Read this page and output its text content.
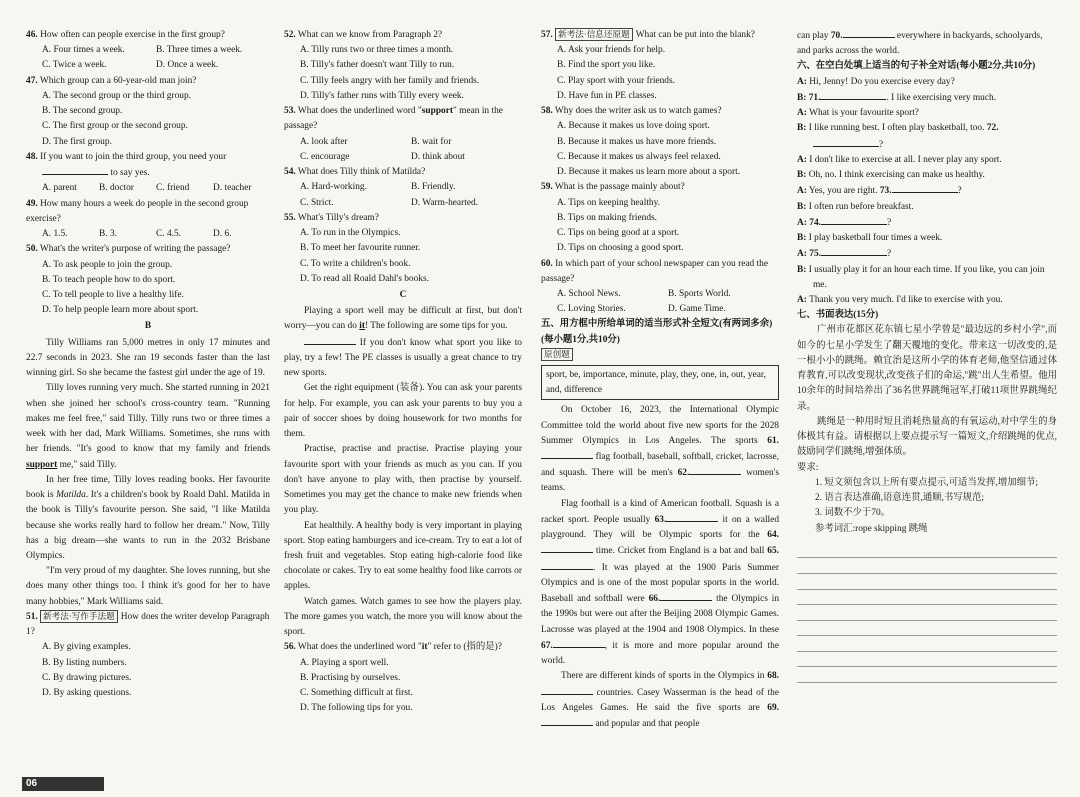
46. How often can people exercise in the first group?

A. Four times a week.	B. Three times a week.
C. Twice a week.	D. Once a week.

47. Which group can a 60-year-old man join?

A. The second group or the third group.

B. The second group.

C. The first group or the second group.

D. The first group.

48. If you want to join the third group, you need your

to say yes.

A. parent	B. doctor	C. friend	D. teacher

49. How many hours a week do people in the second group exercise?

A. 1.5.	B. 3.	C. 4.5.	D. 6.

50. What's the writer's purpose of writing the passage?

A. To ask people to join the group.

B. To teach people how to do sport.

C. To tell people to live a healthy life.

D. To help people learn more about sport.

B

Tilly Williams ran 5,000 metres in only 17 minutes and 22.7 seconds in 2023. She ran 19 seconds faster than the last winning girl. So she became the fastest girl under the age of 19.

Tilly loves running very much. She started running in 2021 when she joined her school's cross-country team. "Running makes me feel free," said Tilly. Tilly runs two or three times a week with her dad, Mark Williams. Sometimes, she runs with her friends. "It's good to know that my family and friends support me," said Tilly.

In her free time, Tilly loves reading books. Her favourite book is Matilda. It's a children's book by Roald Dahl. Matilda in the book is Tilly's favourite person. She said, "I like Matilda because she works really hard to follow her dream." Now, Tilly has a big dream—she wants to run in the 2032 Brisbane Olympics.

"I'm very proud of my daughter. She loves running, but she does many other things too. I think it's good for her to have many hobbies," Mark Williams said.

51. 新考法·写作手法题 How does the writer develop Paragraph 1?

A. By giving examples.

B. By listing numbers.

C. By drawing pictures.

D. By asking questions.

52. What can we know from Paragraph 2?

A. Tilly runs two or three times a month.

B. Tilly's father doesn't want Tilly to run.

C. Tilly feels angry with her family and friends.

D. Tilly's father runs with Tilly every week.

53. What does the underlined word "support" mean in the passage?

A. look after	B. wait for
C. encourage	D. think about

54. What does Tilly think of Matilda?

A. Hard-working.	B. Friendly.
C. Strict.	D. Warm-hearted.

55. What's Tilly's dream?

A. To run in the Olympics.

B. To meet her favourite runner.

C. To write a children's book.

D. To read all Roald Dahl's books.

C

Playing a sport well may be difficult at first, but don't worry—you can do it! The following are some tips for you.

If you don't know what sport you like to play, try a few! The PE classes is usually a great chance to try new sports.

Get the right equipment (装备). You can ask your parents for help. For example, you can ask your parents to buy you a pair of soccer shoes by doing housework for two months for them.

Practise, practise and practise. Practise playing your favourite sport with your friends as much as you can. If you don't have anyone to play with, then practise by yourself. Sometimes you may get the chance to make new friends when you play.

Eat healthily. A healthy body is very important in playing sport. Stop eating hamburgers and ice-cream. Try to eat a lot of fresh fruit and vegetables. Stop eating high-calorie food like chocolate or cakes. Try to eat some healthy food like carrots or apples.

Watch games. Watch games to see how the players play. The more games you watch, the more you will know about the sport.

56. What does the underlined word "it" refer to (指的是)?

A. Playing a sport well.

B. Practising by ourselves.

C. Something difficult at first.

D. The following tips for you.

57. 新考法·信息还原题 What can be put into the blank?

A. Ask your friends for help.

B. Find the sport you like.

C. Play sport with your friends.

D. Have fun in PE classes.

58. Why does the writer ask us to watch games?

A. Because it makes us love doing sport.

B. Because it makes us have more friends.

C. Because it makes us always feel relaxed.

D. Because it makes us learn more about a sport.

59. What is the passage mainly about?

A. Tips on keeping healthy.

B. Tips on making friends.

C. Tips on being good at a sport.

D. Tips on choosing a good sport.

60. In which part of your school newspaper can you read the passage?

A. School News.	B. Sports World.
C. Loving Stories.	D. Game Time.

五、用方框中所给单词的适当形式补全短文(有两词多余)(每小题1分,共10分)

原创题
sport, be, importance, minute, play, they, one, in, out, year, and, difference

On October 16, 2023, the International Olympic Committee told the world about five new sports for the 2028 Summer Olympics in Los Angeles. The sports 61. flag football, baseball, softball, cricket, lacrosse, and squash. There will be men's 62.	women's teams.

Flag football is a kind of American football. Squash is a racket sport. People usually 63.	it on a walled playground. They will be Olympic sports for the 64. time. Cricket from England is a bat and ball 65.. It was played at the 1900 Paris Summer Olympics and is one of the most popular sports in the world. Baseball and softball were 66.	the Olympics in the 1990s but were out after the Beijing 2008 Olympic Games. Lacrosse was played at the 1904 and 1908 Olympics. In these 67.	, it is more and more popular around the world.

There are different kinds of sports in the Olympics in 68. countries. Casey Wasserman is the head of the Los Angeles Games. He said the five sports are 69. and popular and that people

can play 70.	everywhere in backyards, schoolyards, and parks across the world.

六、在空白处填上适当的句子补全对话(每小题2分,共10分)

A: Hi, Jenny! Do you exercise every day?

B: 71.	. I like exercising very much.

A: What is your favourite sport?

B: I like running best. I often play basketball, too. 72.?

A: I don't like to exercise at all. I never play any sport.

B: Oh, no. I think exercising can make us healthy.

A: Yes, you are right. 73.	?

B: I often run before breakfast.

A: 74.	?

B: I play basketball four times a week.

A: 75.	?

B: I usually play it for an hour each time. If you like, you can join me.

A: Thank you very much. I'd like to exercise with you.

七、书面表达(15分)

广州市花都区花东镇七星小学曾是"最边远的乡村小学",而如今的七星小学发生了翻天覆地的变化。带来这一切改变的,是一根小小的跳绳。赖宜治是这所小学的体育老师,他坚信通过体育教育,可以改变现状,改变孩子们的命运,"跳"出人生希望。他用10余年的时间培养出了36名世界跳绳冠军,打破11项世界跳绳纪录。

跳绳是一种用时短且消耗热量高的有氧运动,对中学生的身体极其有益。请根据以上要点提示写一篇短文,介绍跳绳的优点,鼓励同学们跳绳,增强体质。

要求:

1. 短文须包含以上所有要点提示,可适当发挥,增加细节;

2. 语言表达准确,语意连贯,通顺,书写规范;

3. 词数不少于70。

参考词汇:rope skipping 跳绳

06
